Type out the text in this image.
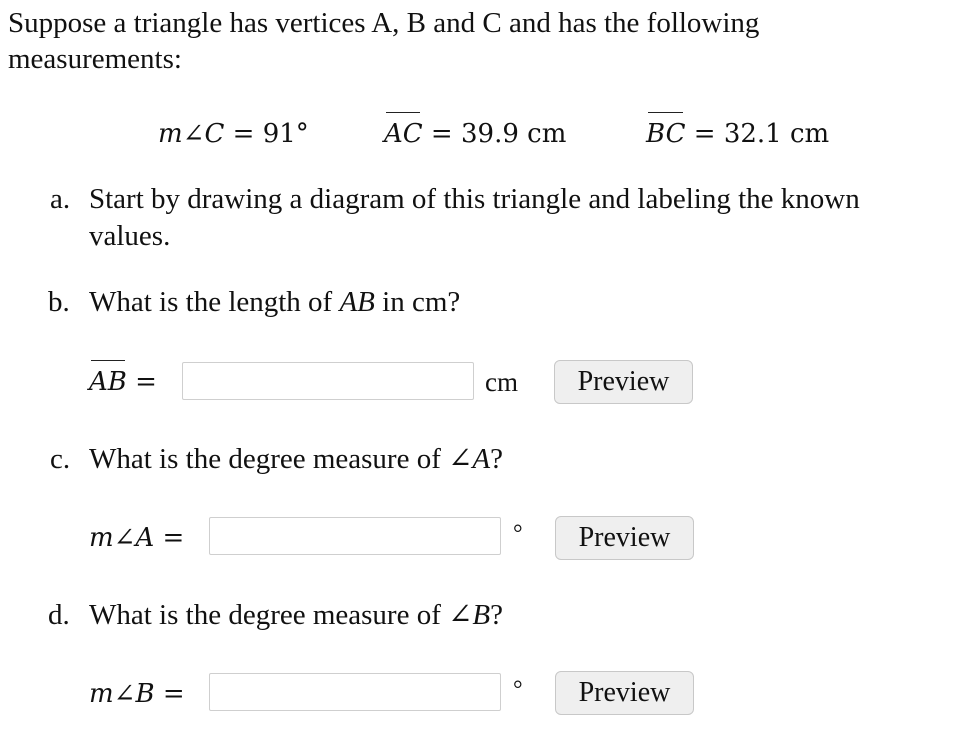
Suppose a triangle has vertices A, B and C and has the following
measurements:
m∠C = 91°	AC = 39.9 cm	BC = 32.1 cm
a. Start by drawing a diagram of this triangle and labeling the known
values.
b. What is the length of AB in cm?
AB =	cm	Preview
c. What is the degree measure of ∠A?
m∠A =	°	Preview
d. What is the degree measure of ∠B?
m∠B =	°	Preview
